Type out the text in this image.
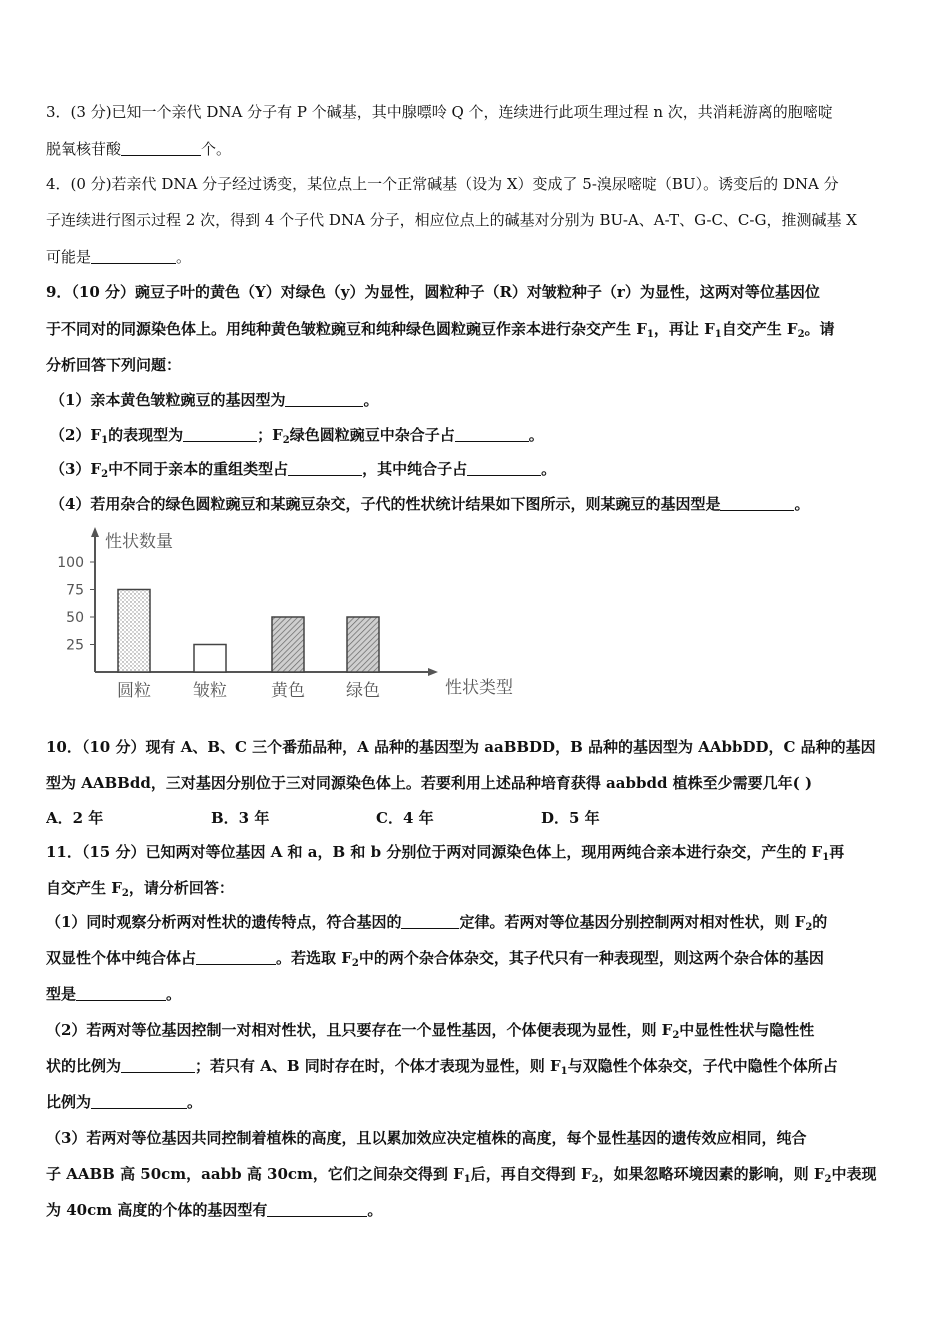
3．(3 分)已知一个亲代 DNA 分子有 P 个碱基，其中腺嘌呤 Q 个，连续进行此项生理过程 n 次，共消耗游离的胞嘧啶
脱氧核苷酸	个。
4．(0 分)若亲代 DNA 分子经过诱变，某位点上一个正常碱基（设为 X）变成了 5-溴尿嘧啶（BU）。诱变后的 DNA 分
子连续进行图示过程 2 次，得到 4 个子代 DNA 分子，相应位点上的碱基对分别为 BU-A、A-T、G-C、C-G，推测碱基 X
可能是	。
9．（10 分）豌豆子叶的黄色（Y）对绿色（y）为显性，圆粒种子（R）对皱粒种子（r）为显性，这两对等位基因位
于不同对的同源染色体上。用纯种黄色皱粒豌豆和纯种绿色圆粒豌豆作亲本进行杂交产生 $F_1$，再让 $F_1$自交产生 $F_2$。请
分析回答下列问题：
（1）亲本黄色皱粒豌豆的基因型为	。
$(2)F_1$的表现型为	；$F_2$绿色圆粒豌豆中杂合子占	。
$(3)F_2$中不同于亲本的重组类型占	，其中纯合子占	。
（4）若用杂合的绿色圆粒豌豆和某豌豆杂交，子代的性状统计结果如下图所示，则某豌豆的基因型是	。
性状数量
性状类型
100
75
50
25
圆粒 皱粒	黄色 绿色
10．（10 分）现有 A、B、C 三个番茄品种，A 品种的基因型为 aaBBDD，B 品种的基因型为 AAbbDD，C 品种的基因
型为 AABBdd，三对基因分别位于三对同源染色体上。若要利用上述品种培育获得 aabbdd 植株至少需要几年( )
A．2 年	B．3 年	C．4 年	D．5 年
11．（15 分）已知两对等位基因 A 和 a，B 和 b 分别位于两对同源染色体上，现用两纯合亲本进行杂交，产生的 $F_1$再
自交产生 $F_2$，请分析回答：
（1）同时观察分析两对性状的遗传特点，符合基因的	定律。若两对等位基因分别控制两对相对性状，则 $F_2$的
双显性个体中纯合体占	。若选取 $F_2$中的两个杂合体杂交，其子代只有一种表现型，则这两个杂合体的基因
型是	。
（2）若两对等位基因控制一对相对性状，且只要存在一个显性基因，个体便表现为显性，则 $F_2$中显性性状与隐性性
状的比例为	；若只有 A、B 同时存在时，个体才表现为显性，则 $F_1$与双隐性个体杂交，子代中隐性个体所占
比例为	。
（3）若两对等位基因共同控制着植株的高度，且以累加效应决定植株的高度，每个显性基因的遗传效应相同，纯合
子 AABB 高 50cm，aabb 高 30cm，它们之间杂交得到 $F_1$后，再自交得到 $F_2$，如果忽略环境因素的影响，则 $F_2$中表现
为 40cm 高度的个体的基因型有	。
